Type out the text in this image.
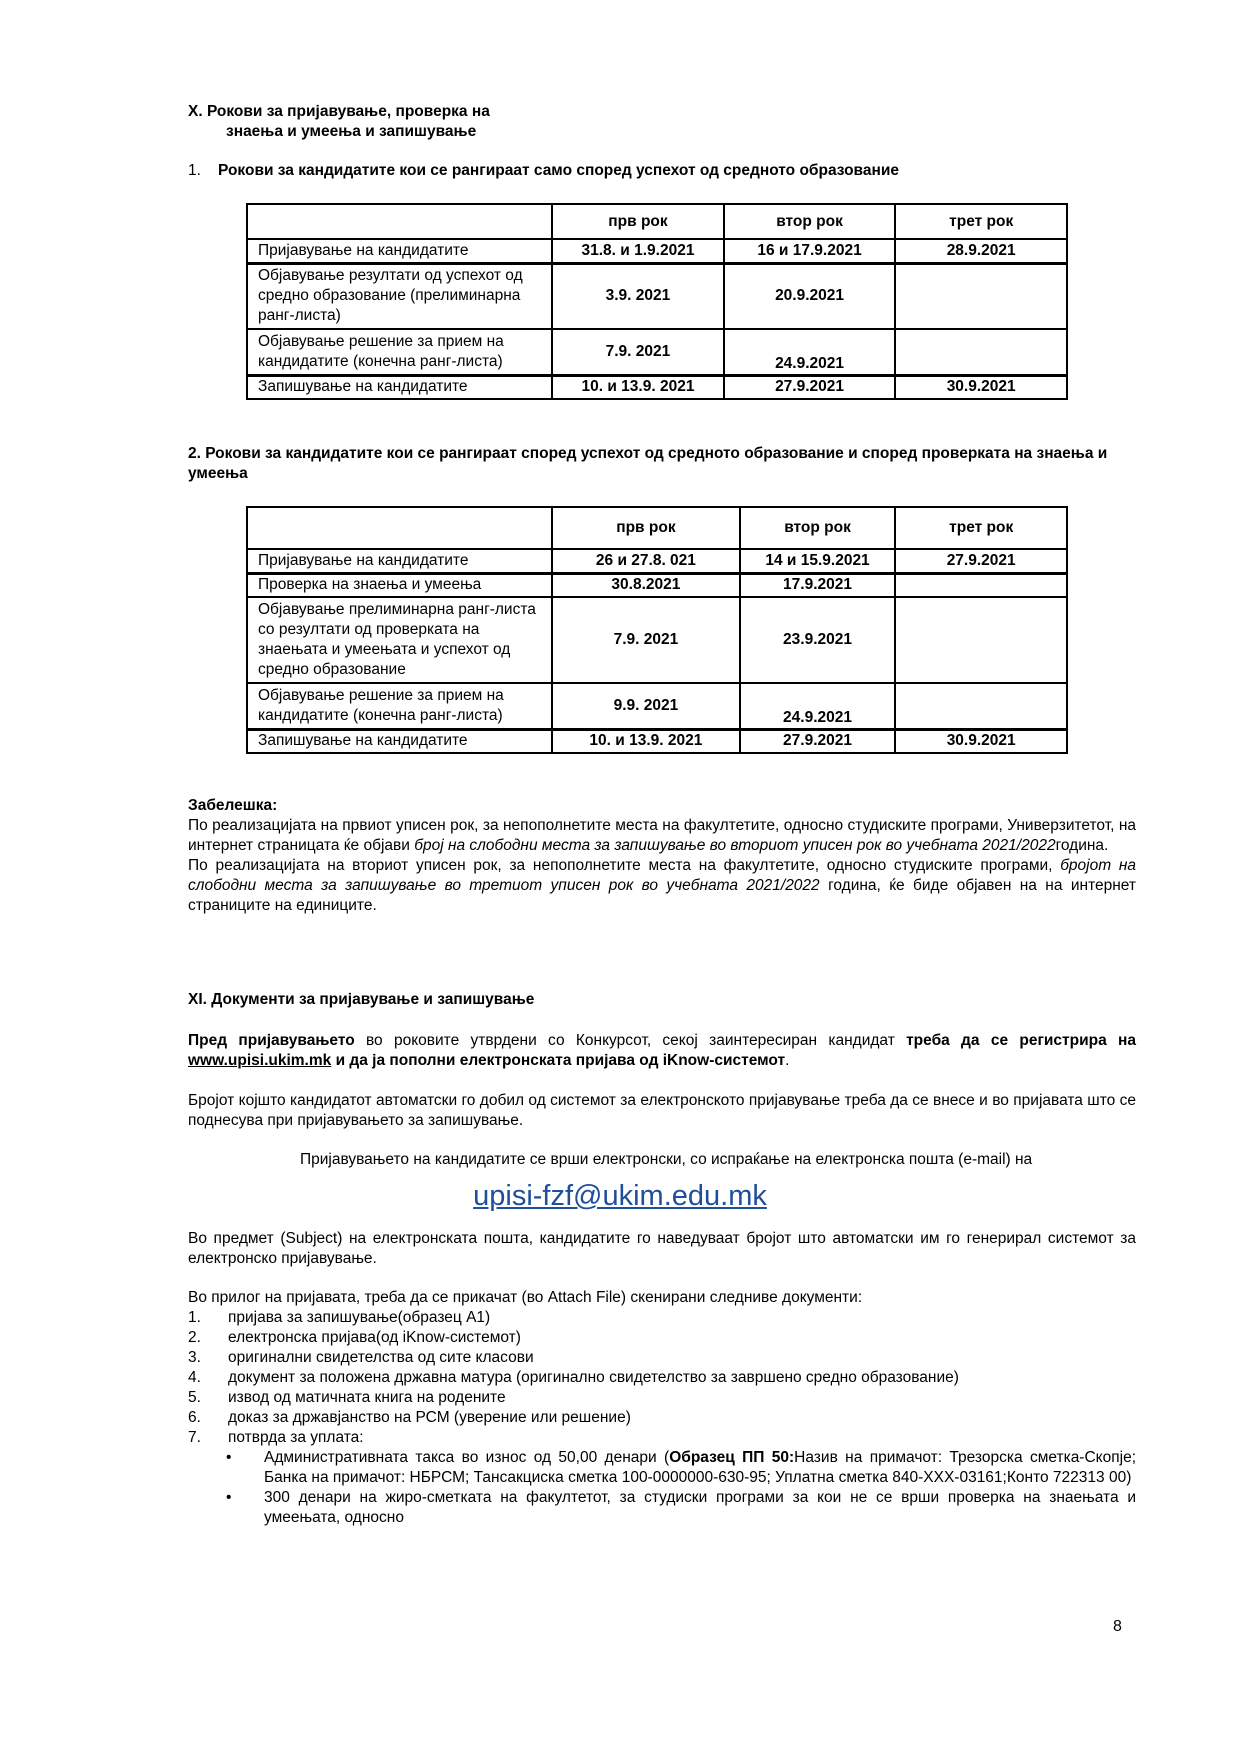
X. Рокови за пријавување, проверка на
знаења и умеења и запишување
1. Рокови за кандидатите кои се рангираат само според успехот од средното образование
	прв рок	втор рок	трет рок
Пријавување на кандидатите	31.8. и 1.9.2021	16 и 17.9.2021	28.9.2021
Објавување резултати од успехот од средно образование (прелиминарна ранг-листа)	3.9. 2021	20.9.2021	
Објавување решение за прием на кандидатите (конечна ранг-листа)	7.9. 2021	24.9.2021	
Запишување на кандидатите	10. и 13.9. 2021	27.9.2021	30.9.2021
2. Рокови за кандидатите кои се рангираат според успехот од средното образование и според проверката на знаења и умеења
	прв рок	втор рок	трет рок
Пријавување на кандидатите	26 и 27.8. 021	14 и 15.9.2021	27.9.2021
Проверка на знаења и умеења	30.8.2021	17.9.2021	
Објавување прелиминарна ранг-листа со резултати од проверката на знаењата и умеењата и успехот од средно образование	7.9. 2021	23.9.2021	
Објавување решение за прием на кандидатите (конечна ранг-листа)	9.9. 2021	24.9.2021	
Запишување на кандидатите	10. и 13.9. 2021	27.9.2021	30.9.2021
Забелешка:
По реализацијата на првиот уписен рок, за непополнетите места на факултетите, односно студиските програми, Универзитетот, на интернет страницата ќе објави број на слободни места за запишување во вториот уписен рок во учебната 2021/2022година.
По реализацијата на вториот уписен рок, за непополнетите места на факултетите, односно студиските програми, бројот на слободни места за запишување во третиот уписен рок во учебната 2021/2022 година, ќе биде објавен на на интернет страниците на единиците.
XI. Документи за пријавување и запишување
Пред пријавувањето во роковите утврдени со Конкурсот, секој заинтересиран кандидат треба да се регистрира на www.upisi.ukim.mk и да ја пополни електронската пријава од iKnow-системот.
Бројот којшто кандидатот автоматски го добил од системот за електронското пријавување треба да се внесе и во пријавата што се поднесува при пријавувањето за запишување.
Пријавувањето на кандидатите се врши електронски, со испраќање на електронска пошта (e-mail) на
upisi-fzf@ukim.edu.mk
Во предмет (Subject) на електронската пошта, кандидатите го наведуваат бројот што автоматски им го генерирал системот за електронско пријавување.
Во прилог на пријавата, треба да се прикачат (во Attach File) скенирани следниве документи:
1.	пријава за запишување(образец А1)
2.	електронска пријава(од iKnow-системот)
3.	оригинални свидетелства од сите класови
4.	документ за положена државна матура (оригинално свидетелство за завршено средно образование)
5.	извод од матичната книга на родените
6.	доказ за државјанство на РСМ (уверение или решение)
7.	потврда за уплата:
•	Административната такса во износ од 50,00 денари (Образец ПП 50:Назив на примачот: Трезорска сметка-Скопје; Банка на примачот: НБРСМ; Тансакциска сметка 100-0000000-630-95; Уплатна сметка 840-XXX-03161;Конто 722313 00)
•	300 денари на жиро-сметката на факултетот, за студиски програми за кои не се врши проверка на знаењата и умеењата, односно
8
